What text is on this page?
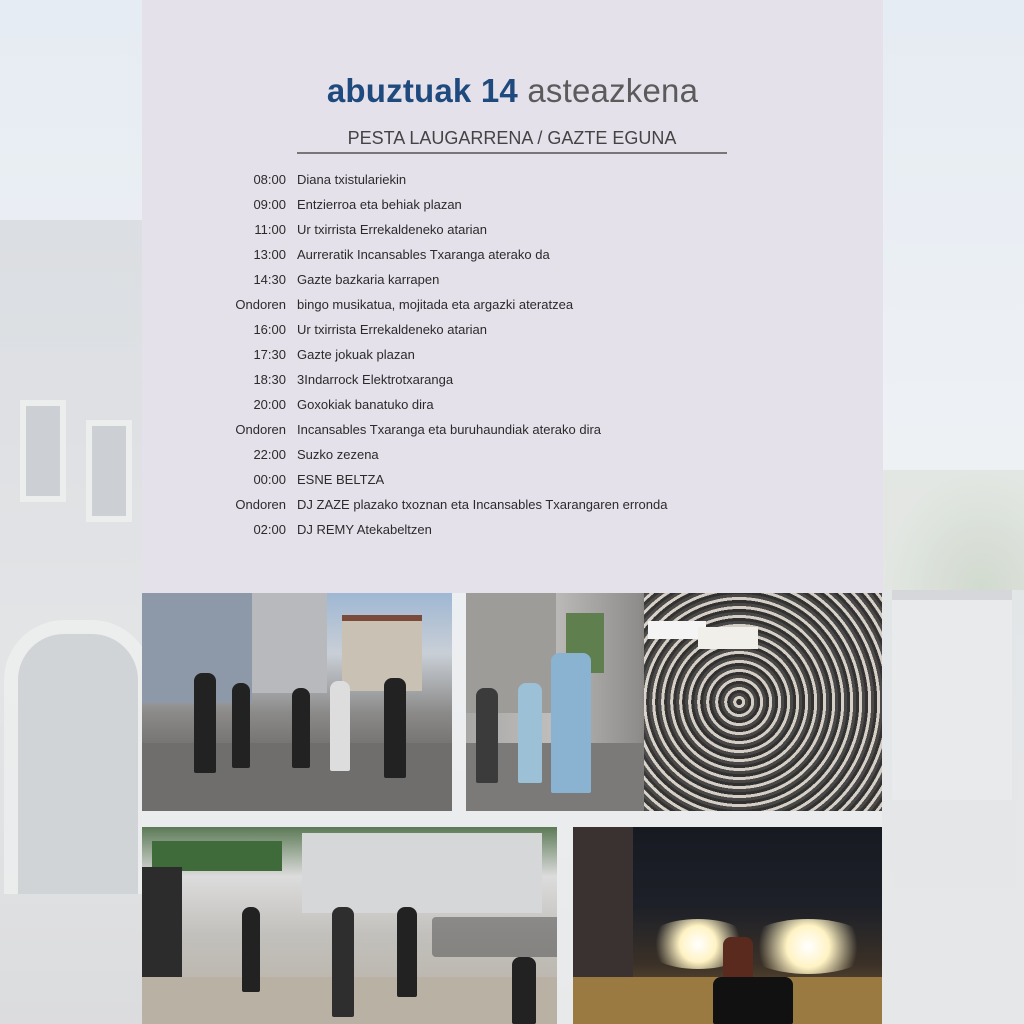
abuztuak 14 asteazkena
PESTA LAUGARRENA / GAZTE EGUNA
08:00 Diana txistulariekin
09:00 Entzierroa eta behiak plazan
11:00 Ur txirrista Errekaldeneko atarian
13:00 Aurreratik Incansables Txaranga aterako da
14:30 Gazte bazkaria karrapen
Ondoren bingo musikatua, mojitada eta argazki ateratzea
16:00 Ur txirrista Errekaldeneko atarian
17:30 Gazte jokuak plazan
18:30 3Indarrock Elektrotxaranga
20:00 Goxokiak banatuko dira
Ondoren Incansables Txaranga eta buruhaundiak aterako dira
22:00 Suzko zezena
00:00 ESNE BELTZA
Ondoren DJ ZAZE plazako txoznan eta Incansables Txarangaren erronda
02:00 DJ REMY Atekabeltzen
